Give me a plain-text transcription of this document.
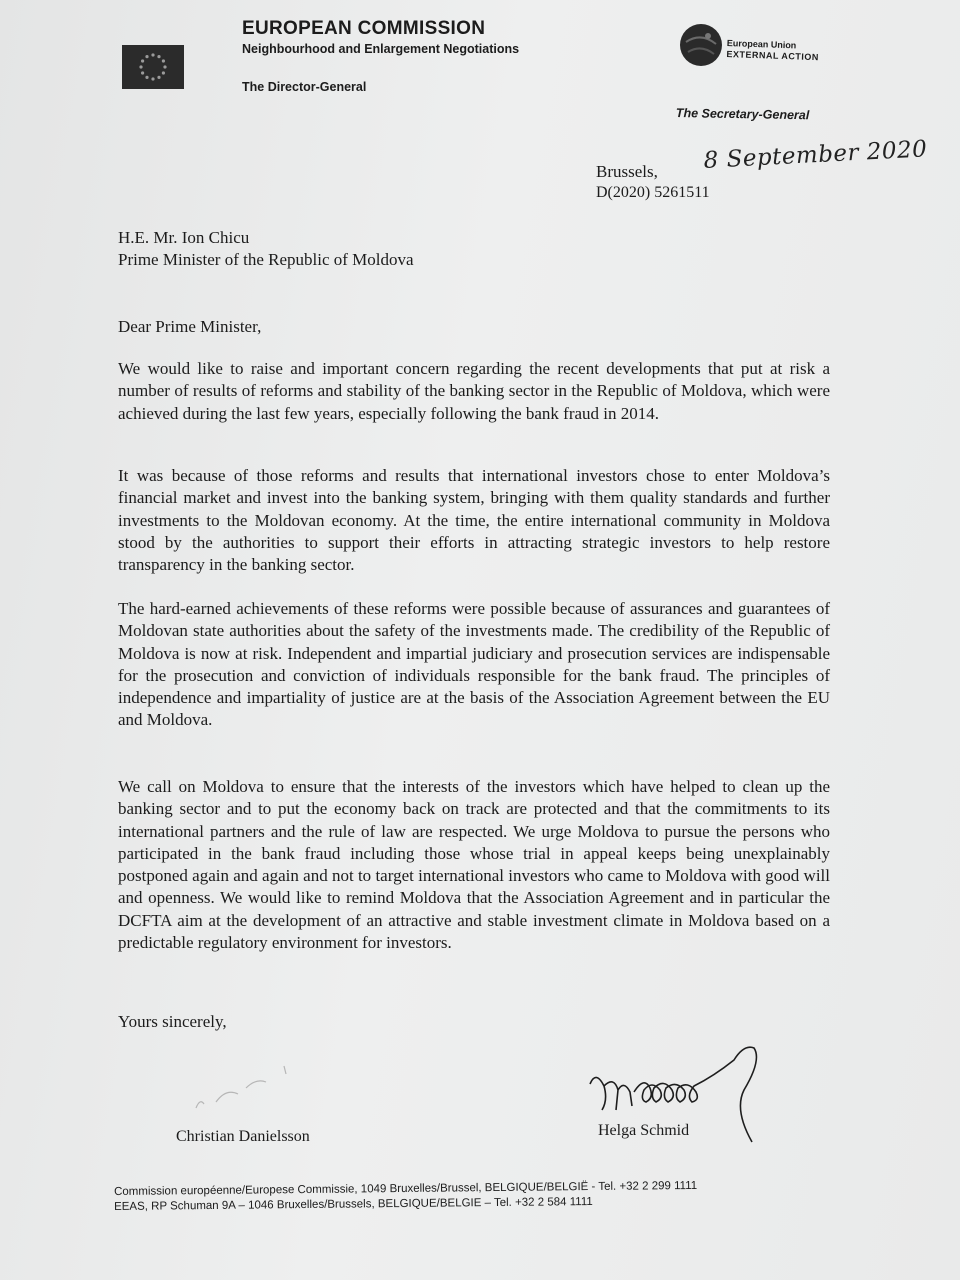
EUROPEAN COMMISSION
Neighbourhood and Enlargement Negotiations
The Director-General
European Union
EXTERNAL ACTION
The Secretary-General
Brussels, 8 September 2020
D(2020) 5261511
H.E. Mr. Ion Chicu
Prime Minister of the Republic of Moldova
Dear Prime Minister,
We would like to raise and important concern regarding the recent developments that put at risk a number of results of reforms and stability of the banking sector in the Republic of Moldova, which were achieved during the last few years, especially following the bank fraud in 2014.
It was because of those reforms and results that international investors chose to enter Moldova’s financial market and invest into the banking system, bringing with them quality standards and further investments to the Moldovan economy. At the time, the entire international community in Moldova stood by the authorities to support their efforts in attracting strategic investors to help restore transparency in the banking sector.
The hard-earned achievements of these reforms were possible because of assurances and guarantees of Moldovan state authorities about the safety of the investments made. The credibility of the Republic of Moldova is now at risk. Independent and impartial judiciary and prosecution services are indispensable for the prosecution and conviction of individuals responsible for the bank fraud. The principles of independence and impartiality of justice are at the basis of the Association Agreement between the EU and Moldova.
We call on Moldova to ensure that the interests of the investors which have helped to clean up the banking sector and to put the economy back on track are protected and that the commitments to its international partners and the rule of law are respected. We urge Moldova to pursue the persons who participated in the bank fraud including those whose trial in appeal keeps being unexplainably postponed again and again and not to target international investors who came to Moldova with good will and openness. We would like to remind Moldova that the Association Agreement and in particular the DCFTA aim at the development of an attractive and stable investment climate in Moldova based on a predictable regulatory environment for investors.
Yours sincerely,
Christian Danielsson	Helga Schmid
Commission européenne/Europese Commissie, 1049 Bruxelles/Brussel, BELGIQUE/BELGIË - Tel. +32 2 299 1111
EEAS, RP Schuman 9A – 1046 Bruxelles/Brussels, BELGIQUE/BELGIE – Tel. +32 2 584 1111
